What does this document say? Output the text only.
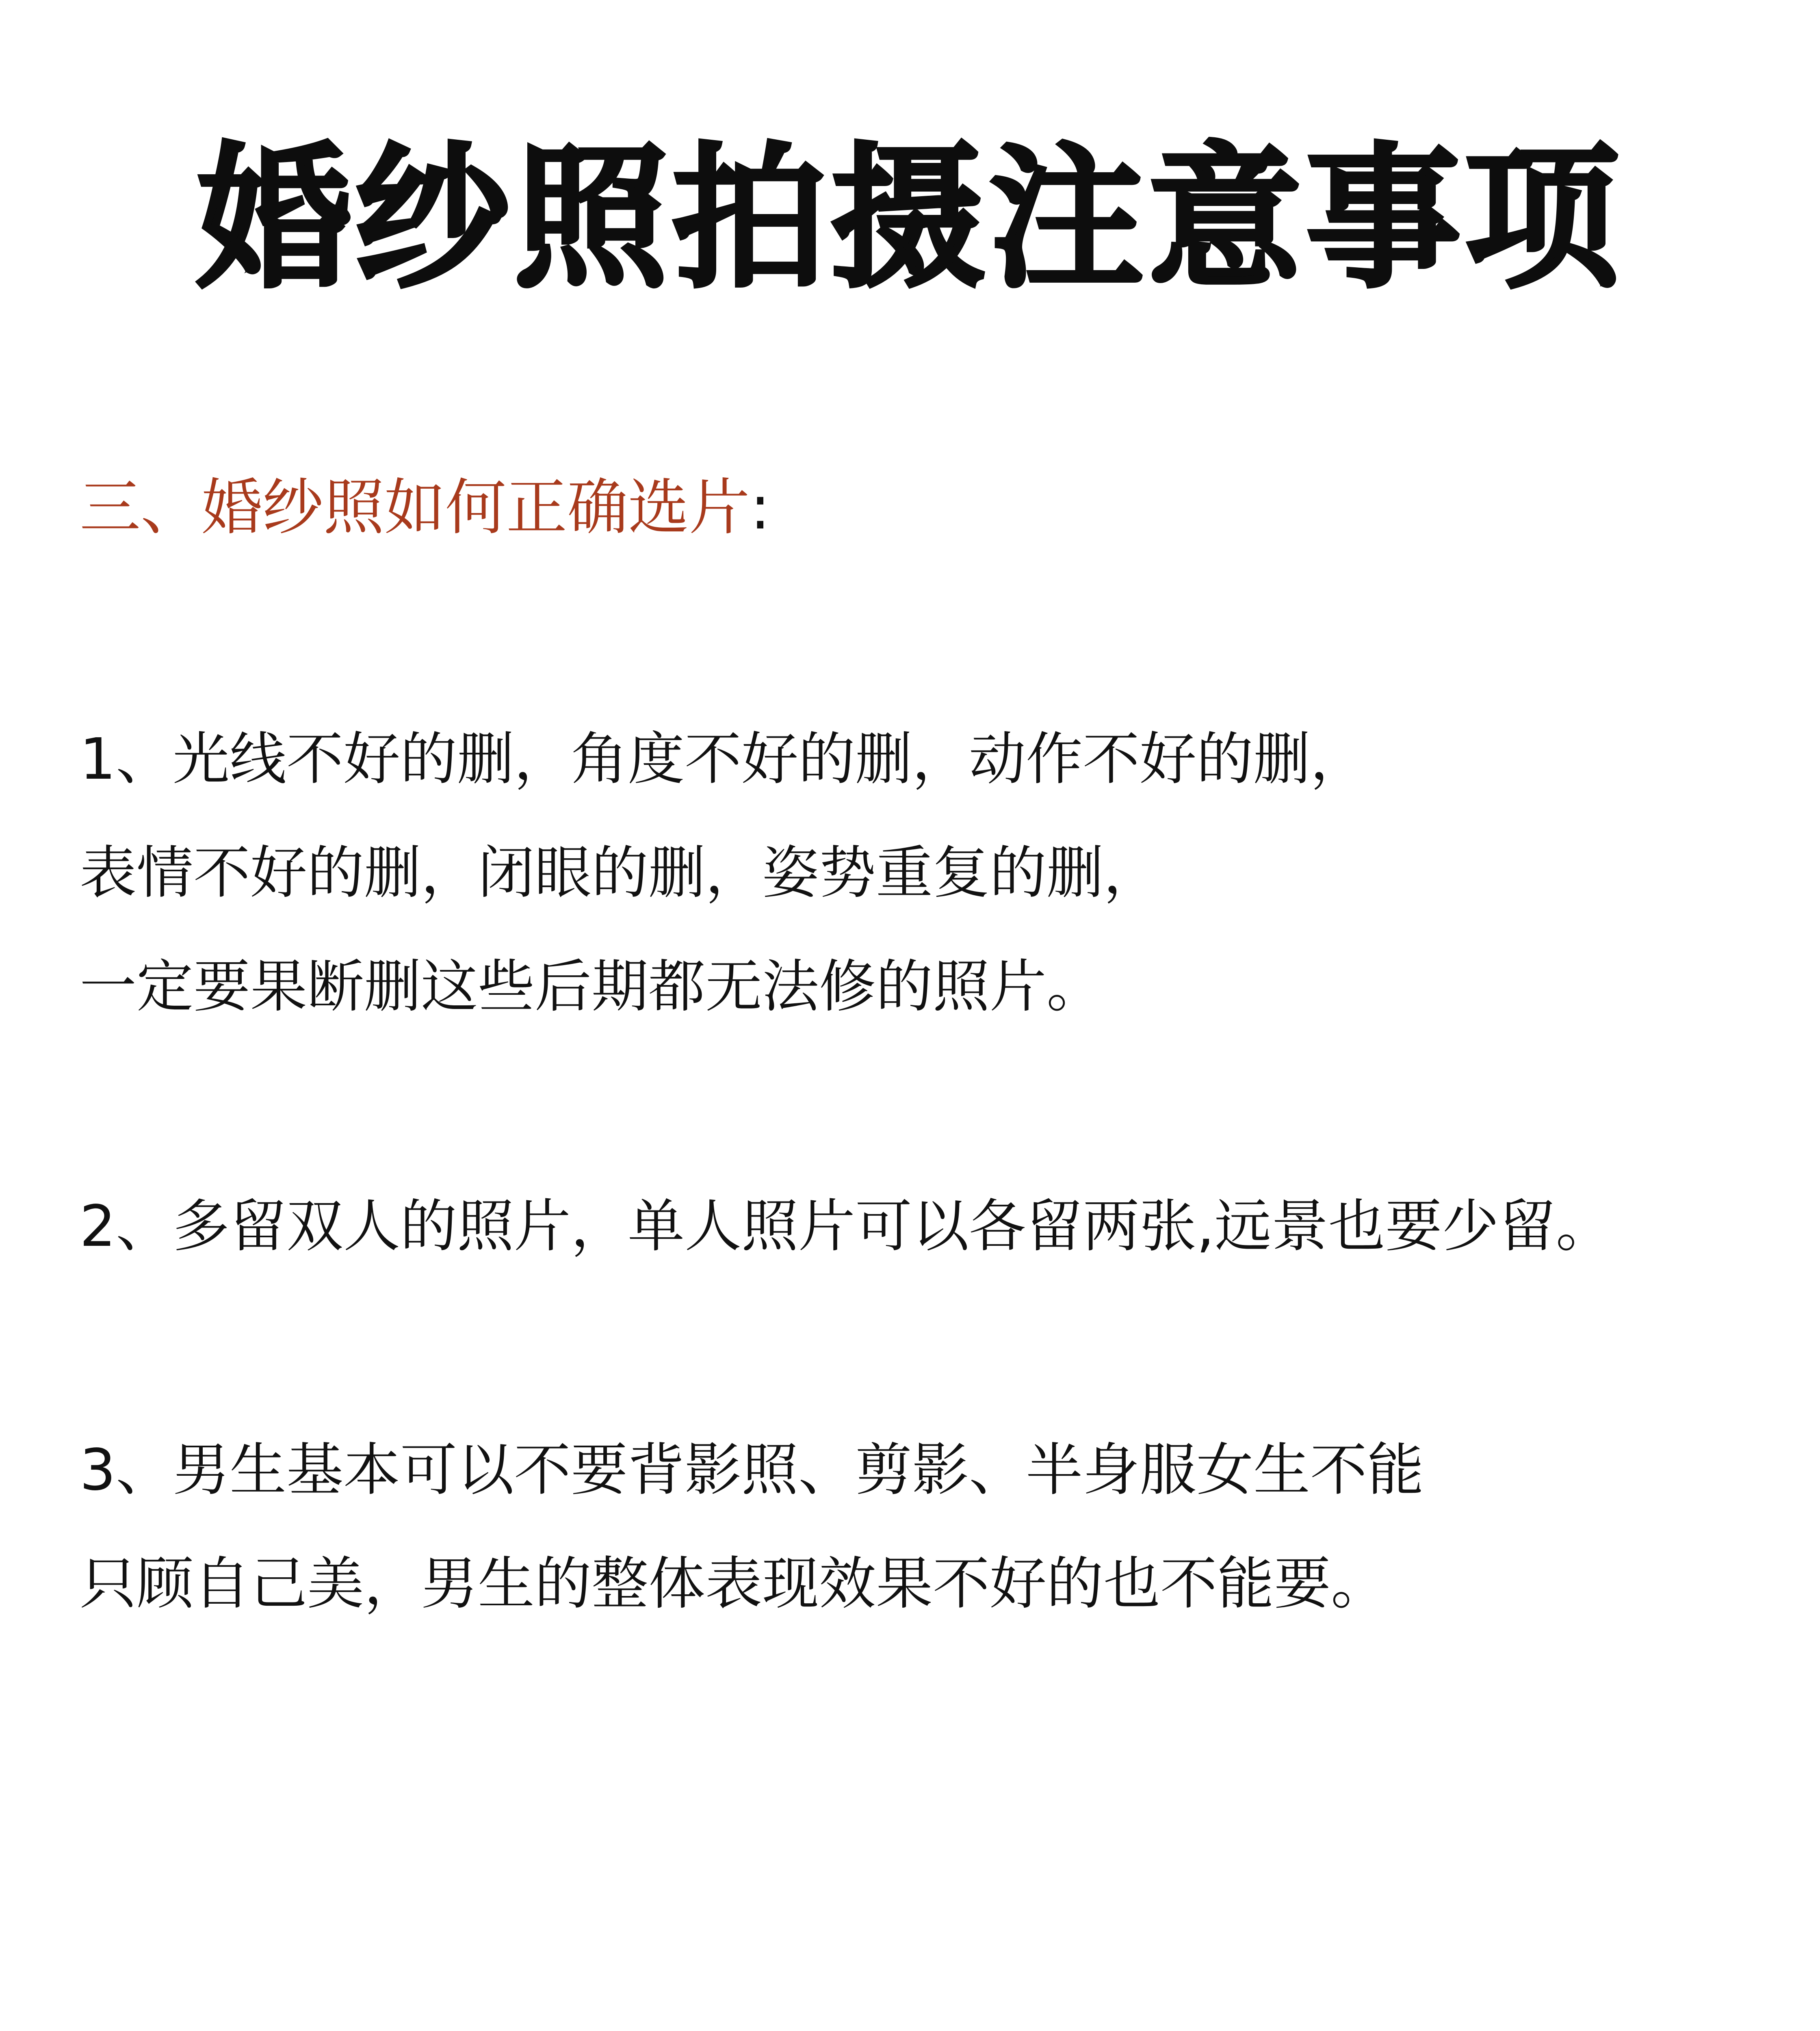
婚纱照拍摄注意事项
三、婚纱照如何正确选片:
1、光线不好的删，角度不好的删，动作不好的删，
表情不好的删，闭眼的删，姿势重复的删，
一定要果断删这些后期都无法修的照片。
2、多留双人的照片，单人照片可以各留两张,远景也要少留。
3、男生基本可以不要背影照、剪影、半身服女生不能
只顾自己美，男生的整体表现效果不好的也不能要。
